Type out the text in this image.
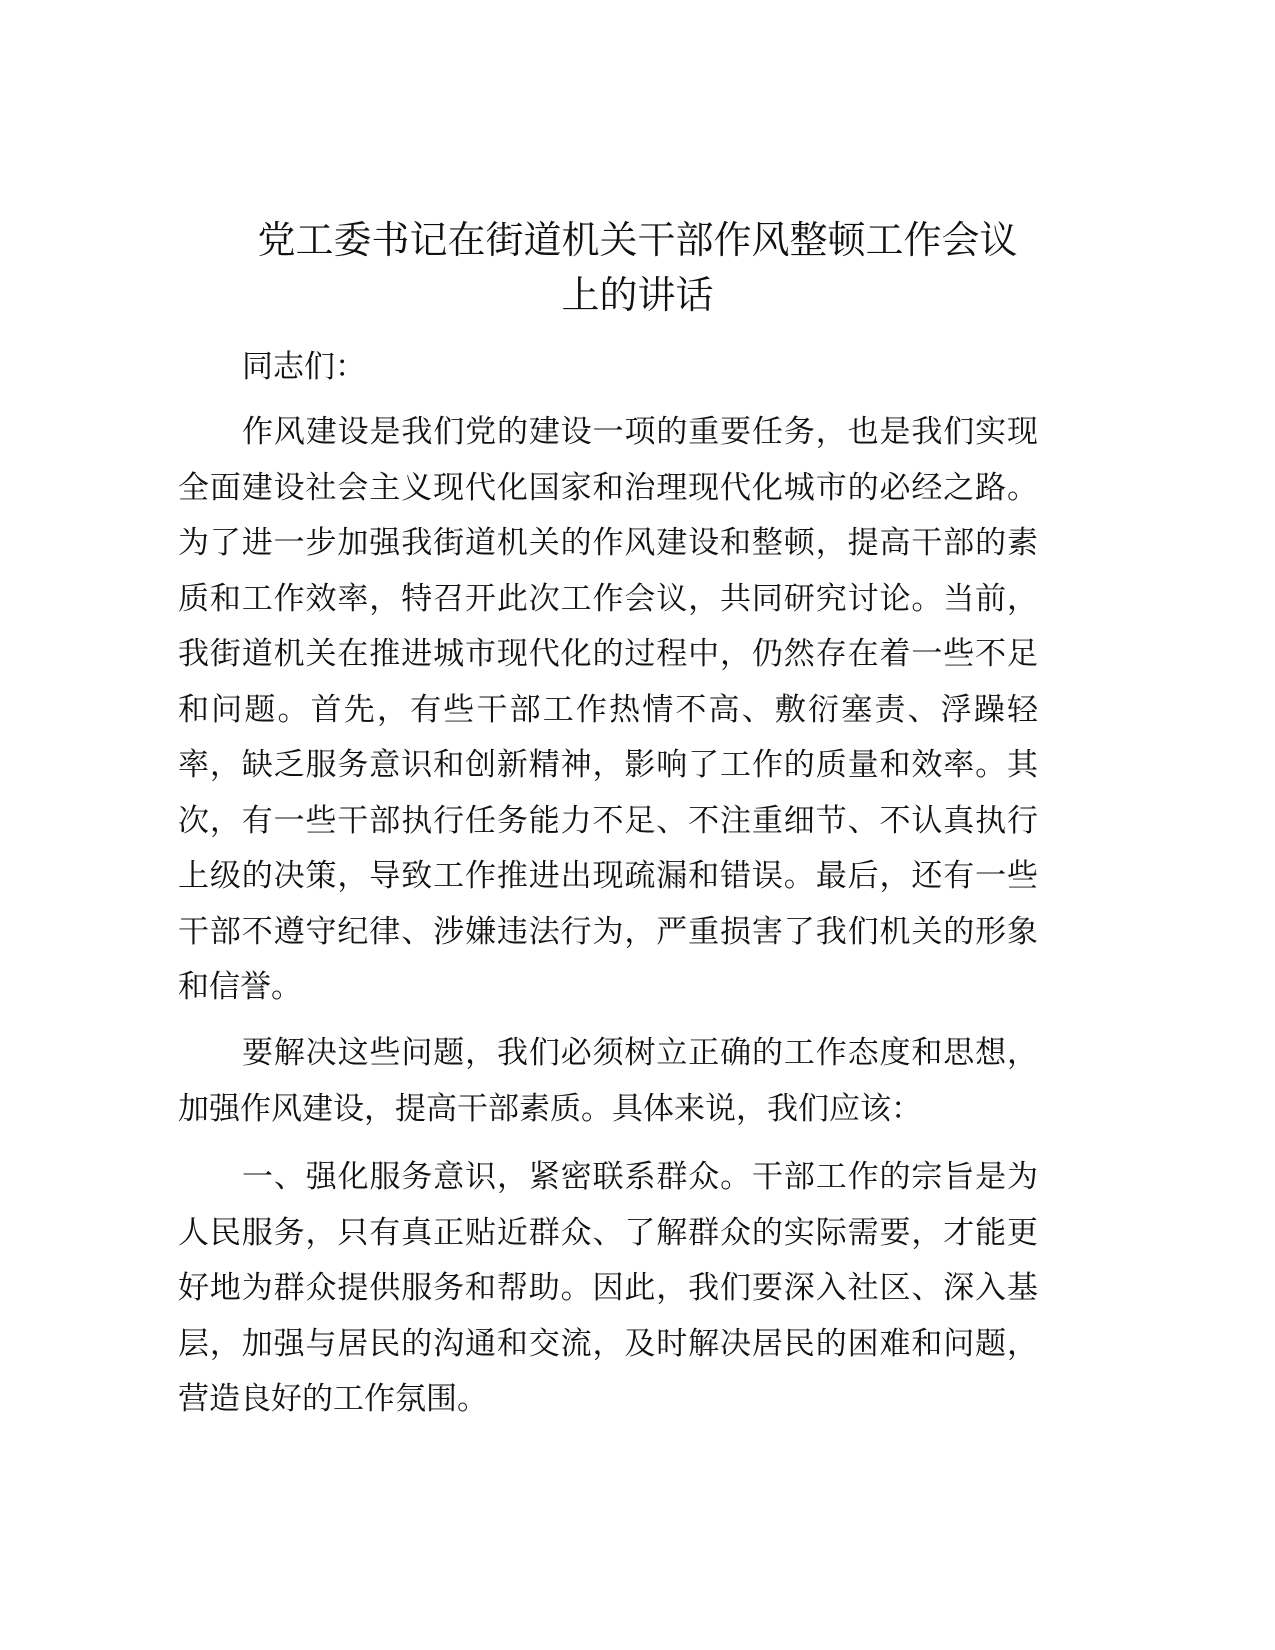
党工委书记在街道机关干部作风整顿工作会议
上的讲话
同志们：
作风建设是我们党的建设一项的重要任务，也是我们实现
全面建设社会主义现代化国家和治理现代化城市的必经之路。
为了进一步加强我街道机关的作风建设和整顿，提高干部的素
质和工作效率，特召开此次工作会议，共同研究讨论。当前，
我街道机关在推进城市现代化的过程中，仍然存在着一些不足
和问题。首先，有些干部工作热情不高、敷衍塞责、浮躁轻
率，缺乏服务意识和创新精神，影响了工作的质量和效率。其
次，有一些干部执行任务能力不足、不注重细节、不认真执行
上级的决策，导致工作推进出现疏漏和错误。最后，还有一些
干部不遵守纪律、涉嫌违法行为，严重损害了我们机关的形象
和信誉。
要解决这些问题，我们必须树立正确的工作态度和思想，
加强作风建设，提高干部素质。具体来说，我们应该：
一、强化服务意识，紧密联系群众。干部工作的宗旨是为
人民服务，只有真正贴近群众、了解群众的实际需要，才能更
好地为群众提供服务和帮助。因此，我们要深入社区、深入基
层，加强与居民的沟通和交流，及时解决居民的困难和问题，
营造良好的工作氛围。
